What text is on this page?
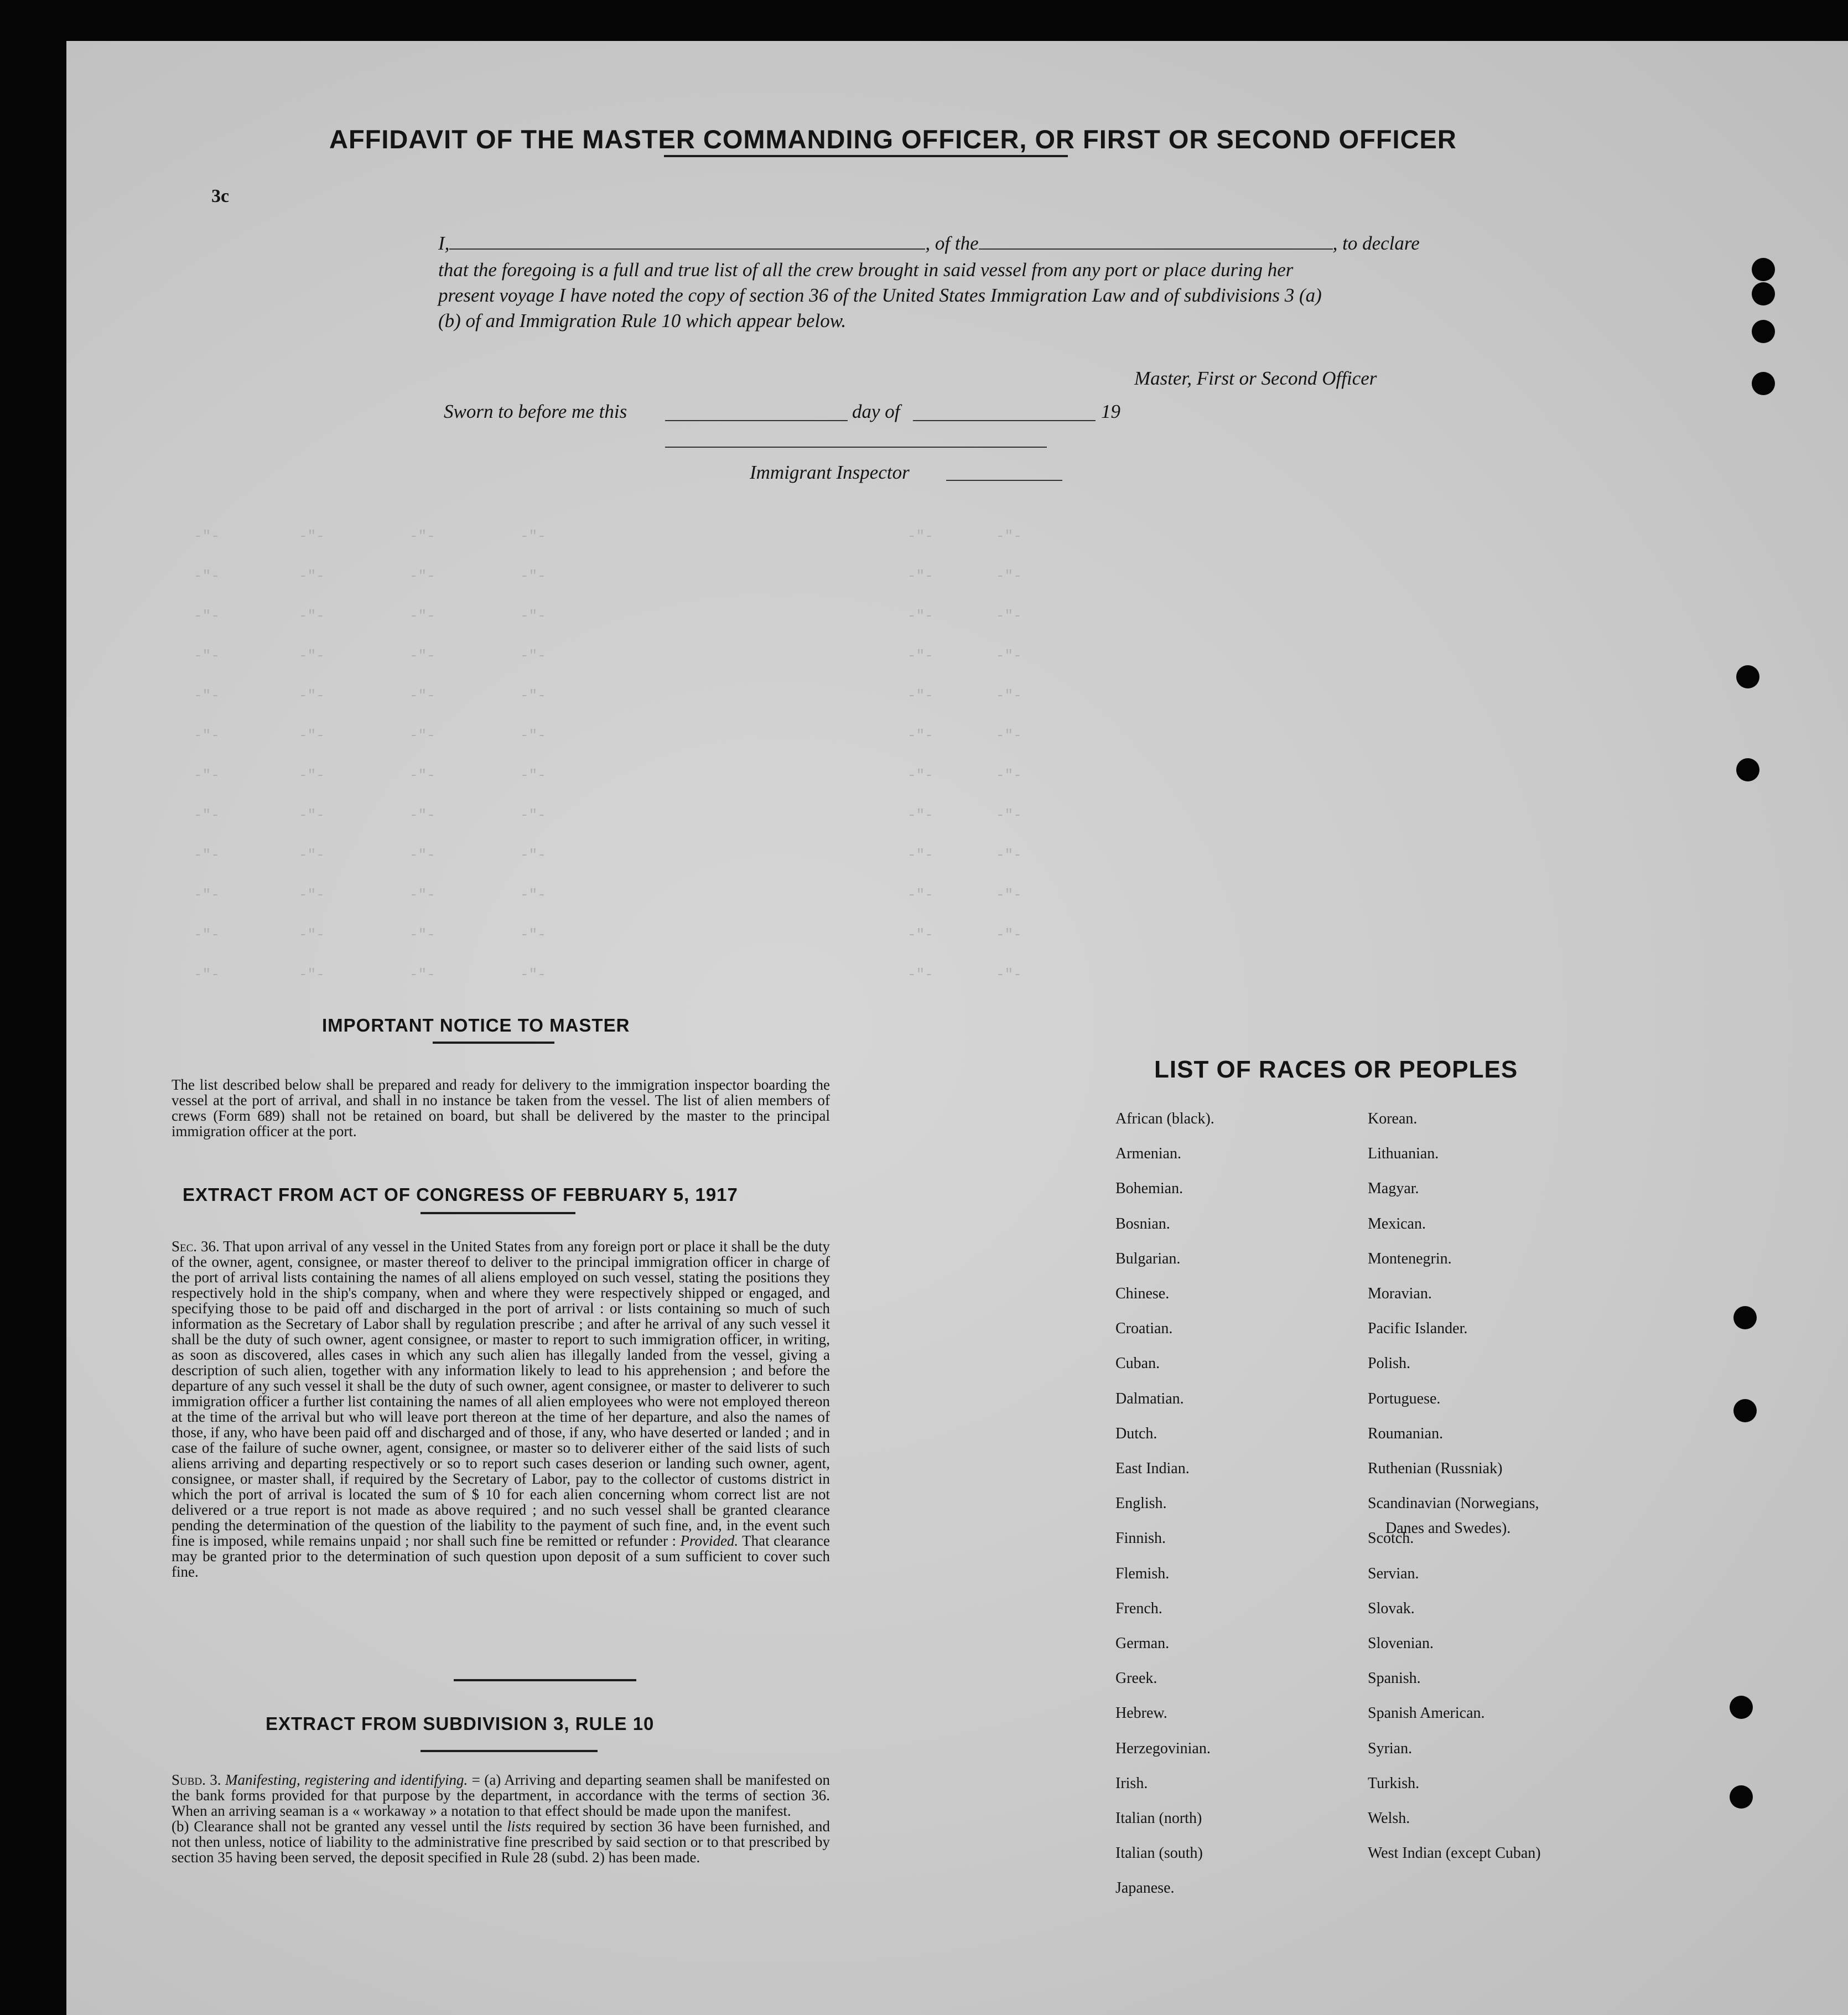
-″-	-″-	-″-	-″-	-″-	-″-
-″-	-″-	-″-	-″-	-″-	-″-
-″-	-″-	-″-	-″-	-″-	-″-
-″-	-″-	-″-	-″-	-″-	-″-
-″-	-″-	-″-	-″-	-″-	-″-
-″-	-″-	-″-	-″-	-″-	-″-
-″-	-″-	-″-	-″-	-″-	-″-
-″-	-″-	-″-	-″-	-″-	-″-
-″-	-″-	-″-	-″-	-″-	-″-
-″-	-″-	-″-	-″-	-″-	-″-
-″-	-″-	-″-	-″-	-″-	-″-
-″-	-″-	-″-	-″-	-″-	-″-
3c
AFFIDAVIT OF THE MASTER COMMANDING OFFICER, OR FIRST OR SECOND OFFICER
I,	, of the	, to declare
that the foregoing is a full and true list of all the crew brought in said vessel from any port or place during her
present voyage I have noted the copy of section 36 of the United States Immigration Law and of subdivisions 3 (a)
(b) of and Immigration Rule 10 which appear below.
Master, First or Second Officer
Sworn to before me this	day of	19
Immigrant Inspector
IMPORTANT NOTICE TO MASTER
The list described below shall be prepared and ready for delivery to the immigration inspector boarding the vessel at the port of arrival, and shall in no instance be taken from the vessel. The list of alien members of crews (Form 689) shall not be retained on board, but shall be delivered by the master to the principal immigration officer at the port.
EXTRACT FROM ACT OF CONGRESS OF FEBRUARY 5, 1917
Sec. 36. That upon arrival of any vessel in the United States from any foreign port or place it shall be the duty of the owner, agent, consignee, or master thereof to deliver to the principal immigration officer in charge of the port of arrival lists containing the names of all aliens employed on such vessel, stating the positions they respectively hold in the ship's company, when and where they were respectively shipped or engaged, and specifying those to be paid off and discharged in the port of arrival : or lists containing so much of such information as the Secretary of Labor shall by regulation prescribe ; and after he arrival of any such vessel it shall be the duty of such owner, agent consignee, or master to report to such immigration officer, in writing, as soon as discovered, alles cases in which any such alien has illegally landed from the vessel, giving a description of such alien, together with any information likely to lead to his apprehension ; and before the departure of any such vessel it shall be the duty of such owner, agent consignee, or master to deliverer to such immigration officer a further list containing the names of all alien employees who were not employed thereon at the time of the arrival but who will leave port thereon at the time of her departure, and also the names of those, if any, who have been paid off and discharged and of those, if any, who have deserted or landed ; and in case of the failure of suche owner, agent, consignee, or master so to deliverer either of the said lists of such aliens arriving and departing respectively or so to report such cases deserion or landing such owner, agent, consignee, or master shall, if required by the Secretary of Labor, pay to the collector of customs district in which the port of arrival is located the sum of $ 10 for each alien concerning whom correct list are not delivered or a true report is not made as above required ; and no such vessel shall be granted clearance pending the determination of the question of the liability to the payment of such fine, and, in the event such fine is imposed, while remains unpaid ; nor shall such fine be remitted or refunder : Provided. That clearance may be granted prior to the determination of such question upon deposit of a sum sufficient to cover such fine.
EXTRACT FROM SUBDIVISION 3, RULE 10
Subd. 3. Manifesting, registering and identifying. = (a) Arriving and departing seamen shall be manifested on the bank forms provided for that purpose by the department, in accordance with the terms of section 36. When an arriving seaman is a « workaway » a notation to that effect should be made upon the manifest.
(b) Clearance shall not be granted any vessel until the lists required by section 36 have been furnished, and not then unless, notice of liability to the administrative fine prescribed by said section or to that prescribed by section 35 having been served, the deposit specified in Rule 28 (subd. 2) has been made.
LIST OF RACES OR PEOPLES
African (black).
Armenian.
Bohemian.
Bosnian.
Bulgarian.
Chinese.
Croatian.
Cuban.
Dalmatian.
Dutch.
East Indian.
English.
Finnish.
Flemish.
French.
German.
Greek.
Hebrew.
Herzegovinian.
Irish.
Italian (north)
Italian (south)
Japanese.
Korean.
Lithuanian.
Magyar.
Mexican.
Montenegrin.
Moravian.
Pacific Islander.
Polish.
Portuguese.
Roumanian.
Ruthenian (Russniak)
Scandinavian (Norwegians,
Scotch.
Servian.
Slovak.
Slovenian.
Spanish.
Spanish American.
Syrian.
Turkish.
Welsh.
West Indian (except Cuban)
Danes and Swedes).
